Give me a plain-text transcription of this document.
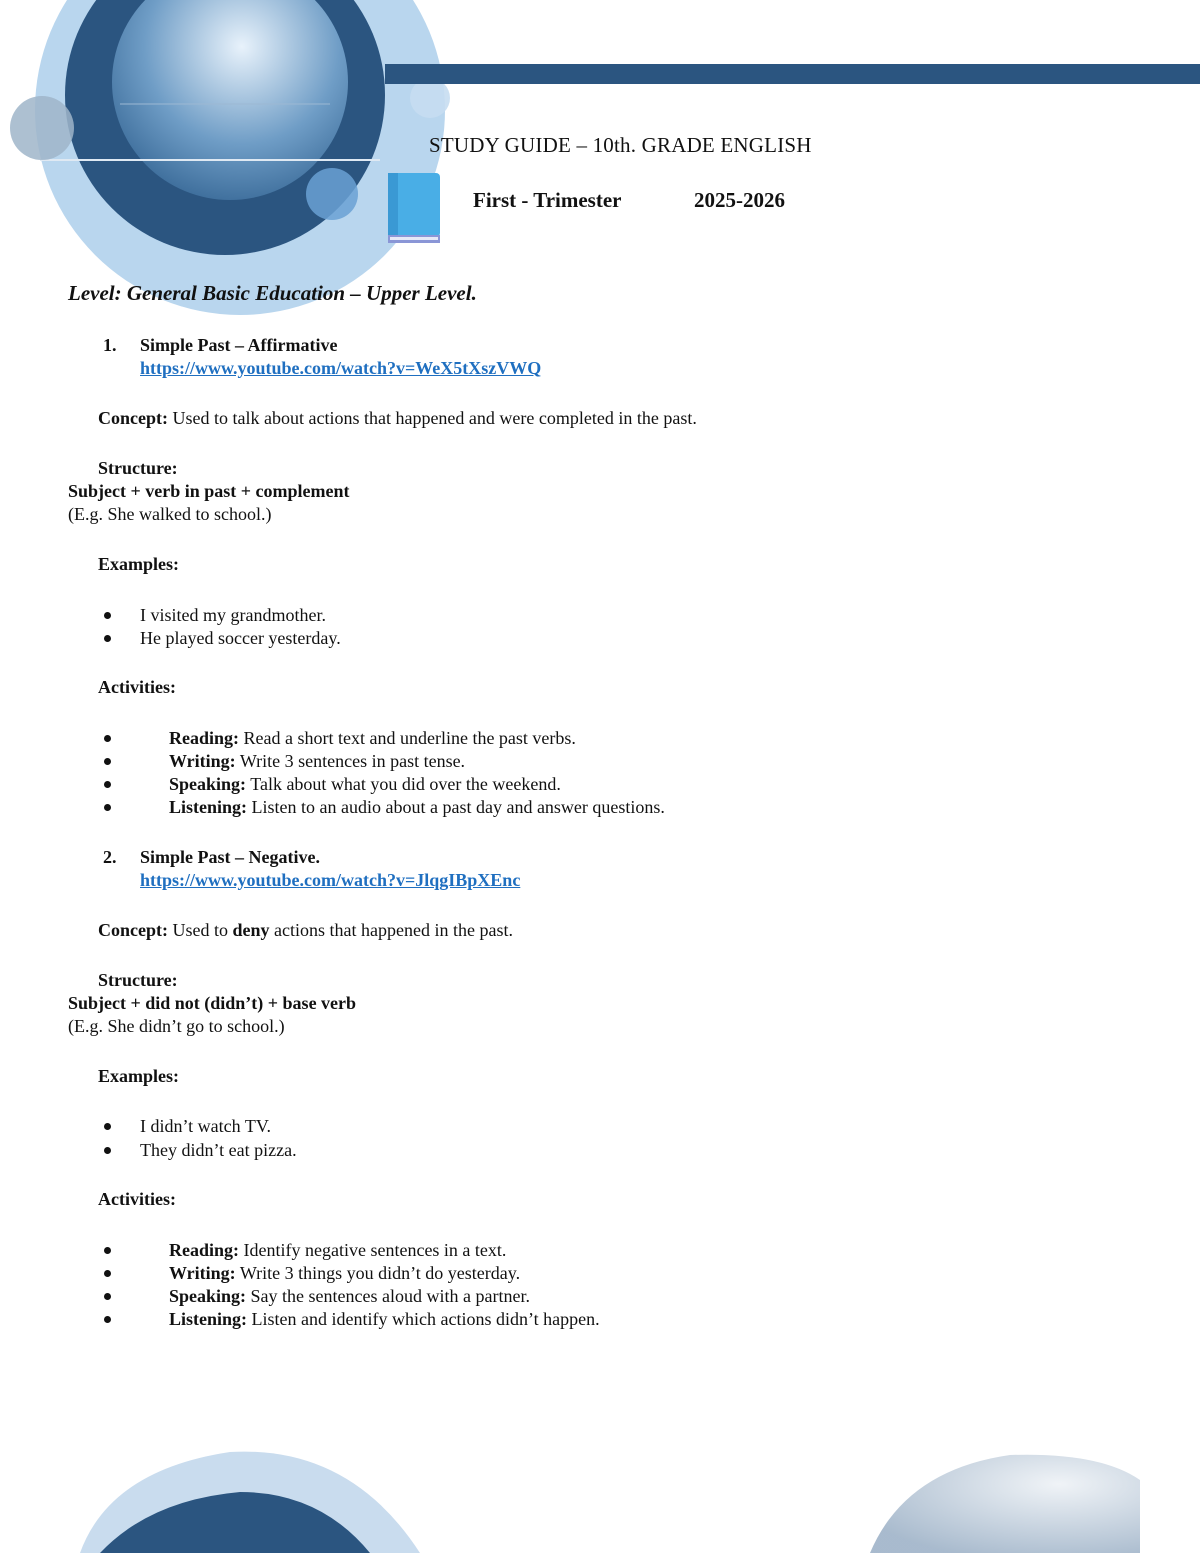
STUDY GUIDE – 10th. GRADE ENGLISH
First - Trimester	2025-2026
Level: General Basic Education – Upper Level.
1. Simple Past – Affirmative
https://www.youtube.com/watch?v=WeX5tXszVWQ
Concept: Used to talk about actions that happened and were completed in the past.
Structure:
Subject + verb in past + complement
(E.g. She walked to school.)
Examples:
I visited my grandmother.
He played soccer yesterday.
Activities:
Reading: Read a short text and underline the past verbs.
Writing: Write 3 sentences in past tense.
Speaking: Talk about what you did over the weekend.
Listening: Listen to an audio about a past day and answer questions.
2. Simple Past – Negative.
https://www.youtube.com/watch?v=JlqgIBpXEnc
Concept: Used to deny actions that happened in the past.
Structure:
Subject + did not (didn’t) + base verb
(E.g. She didn’t go to school.)
Examples:
I didn’t watch TV.
They didn’t eat pizza.
Activities:
Reading: Identify negative sentences in a text.
Writing: Write 3 things you didn’t do yesterday.
Speaking: Say the sentences aloud with a partner.
Listening: Listen and identify which actions didn’t happen.
